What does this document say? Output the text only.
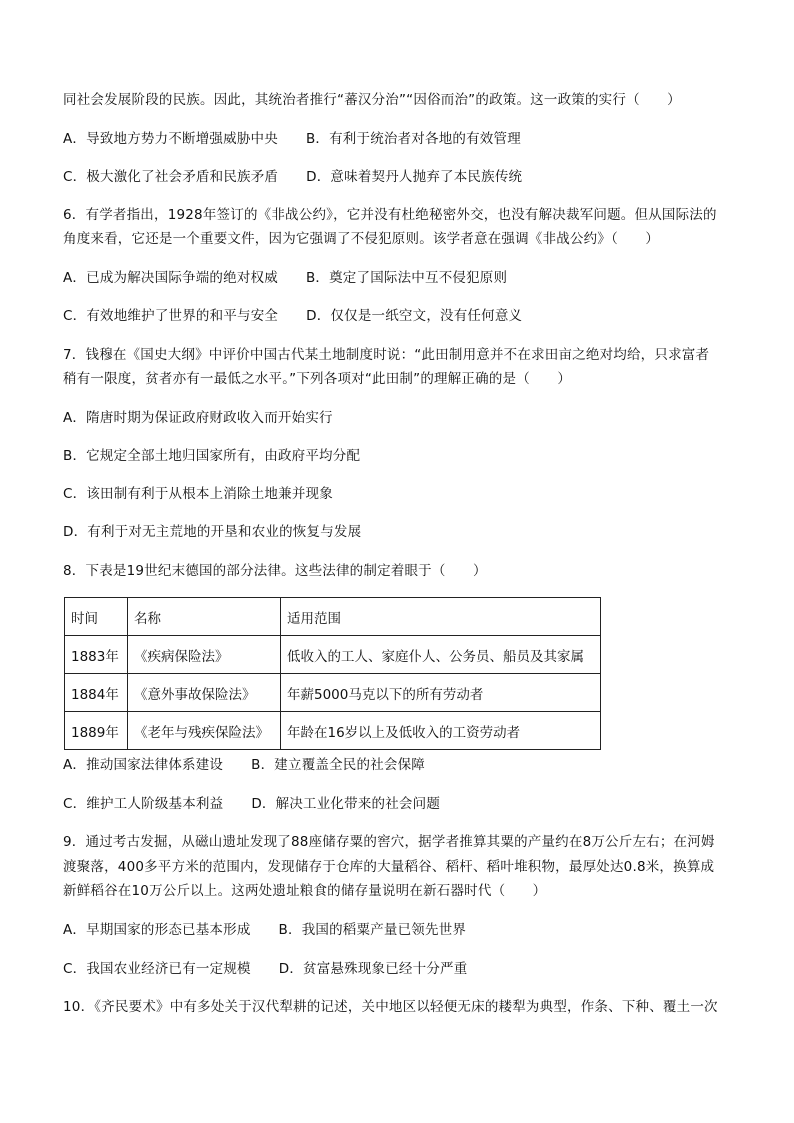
同社会发展阶段的民族。因此，其统治者推行“蕃汉分治”“因俗而治”的政策。这一政策的实行（　　）
A．导致地方势力不断增强威胁中央 B．有利于统治者对各地的有效管理
C．极大激化了社会矛盾和民族矛盾 D．意味着契丹人抛弃了本民族传统
6．有学者指出，1928年签订的《非战公约》，它并没有杜绝秘密外交，也没有解决裁军问题。但从国际法的
角度来看，它还是一个重要文件，因为它强调了不侵犯原则。该学者意在强调《非战公约》（　　）
A．已成为解决国际争端的绝对权威 B．奠定了国际法中互不侵犯原则
C．有效地维护了世界的和平与安全 D．仅仅是一纸空文，没有任何意义
7．钱穆在《国史大纲》中评价中国古代某土地制度时说：“此田制用意并不在求田亩之绝对均给，只求富者
稍有一限度，贫者亦有一最低之水平。”下列各项对“此田制”的理解正确的是（　　）
A．隋唐时期为保证政府财政收入而开始实行
B．它规定全部土地归国家所有，由政府平均分配
C．该田制有利于从根本上消除土地兼并现象
D．有利于对无主荒地的开垦和农业的恢复与发展
8．下表是19世纪末德国的部分法律。这些法律的制定着眼于（　　）
时间	名称	适用范围
1883年	《疾病保险法》	低收入的工人、家庭仆人、公务员、船员及其家属
1884年	《意外事故保险法》	年薪5000马克以下的所有劳动者
1889年	《老年与残疾保险法》	年龄在16岁以上及低收入的工资劳动者
A．推动国家法律体系建设 B．建立覆盖全民的社会保障
C．维护工人阶级基本利益 D．解决工业化带来的社会问题
9．通过考古发掘，从磁山遗址发现了88座储存粟的窖穴，据学者推算其粟的产量约在8万公斤左右；在河姆
渡聚落，400多平方米的范围内，发现储存于仓库的大量稻谷、稻杆、稻叶堆积物，最厚处达0.8米，换算成
新鲜稻谷在10万公斤以上。这两处遗址粮食的储存量说明在新石器时代（　　）
A．早期国家的形态已基本形成 B．我国的稻粟产量已领先世界
C．我国农业经济已有一定规模 D．贫富悬殊现象已经十分严重
10．《齐民要术》中有多处关于汉代犁耕的记述，关中地区以轻便无床的耧犁为典型，作条、下种、覆土一次
